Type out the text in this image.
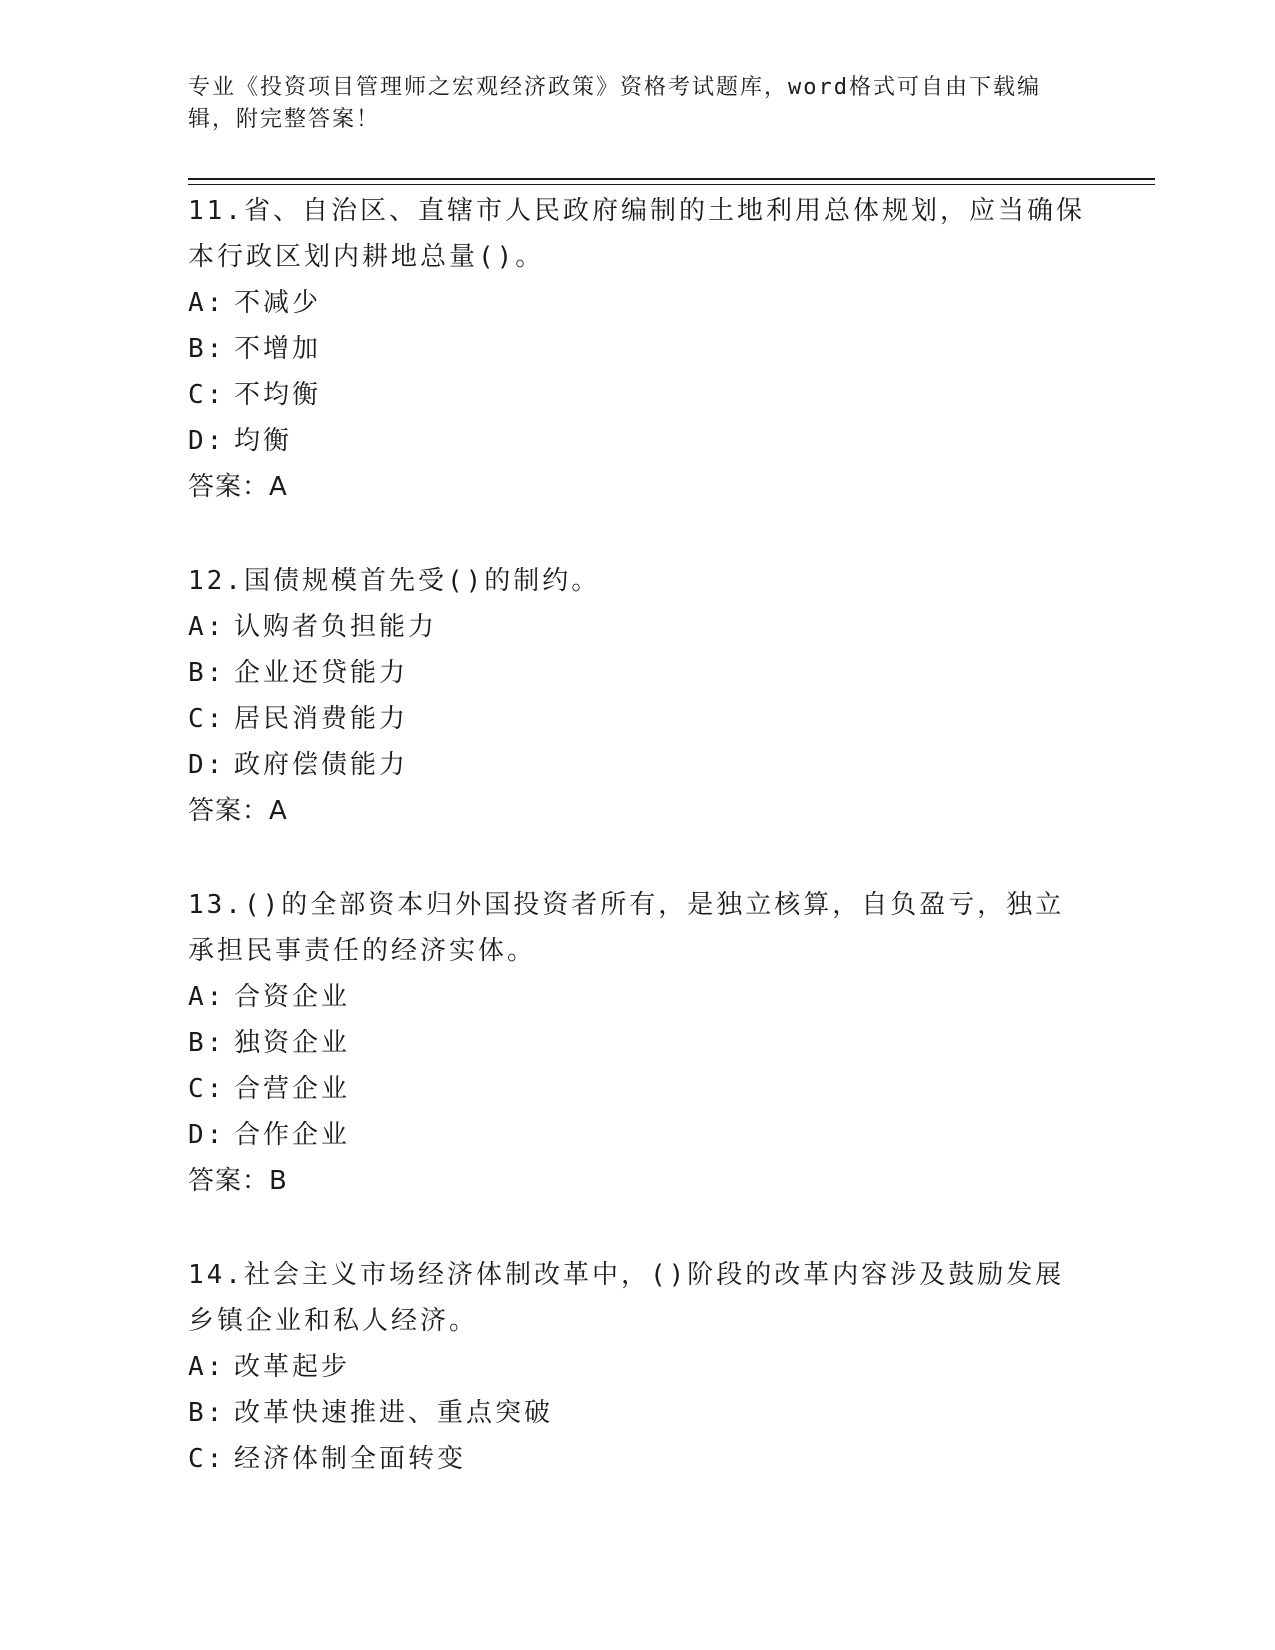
专业《投资项目管理师之宏观经济政策》资格考试题库，word格式可自由下载编辑，附完整答案！
11.省、自治区、直辖市人民政府编制的土地利用总体规划，应当确保本行政区划内耕地总量()。
A: 不减少
B: 不增加
C: 不均衡
D: 均衡
答案：A
12.国债规模首先受()的制约。
A: 认购者负担能力
B: 企业还贷能力
C: 居民消费能力
D: 政府偿债能力
答案：A
13.()的全部资本归外国投资者所有，是独立核算，自负盈亏，独立承担民事责任的经济实体。
A: 合资企业
B: 独资企业
C: 合营企业
D: 合作企业
答案：B
14.社会主义市场经济体制改革中，()阶段的改革内容涉及鼓励发展乡镇企业和私人经济。
A: 改革起步
B: 改革快速推进、重点突破
C: 经济体制全面转变
